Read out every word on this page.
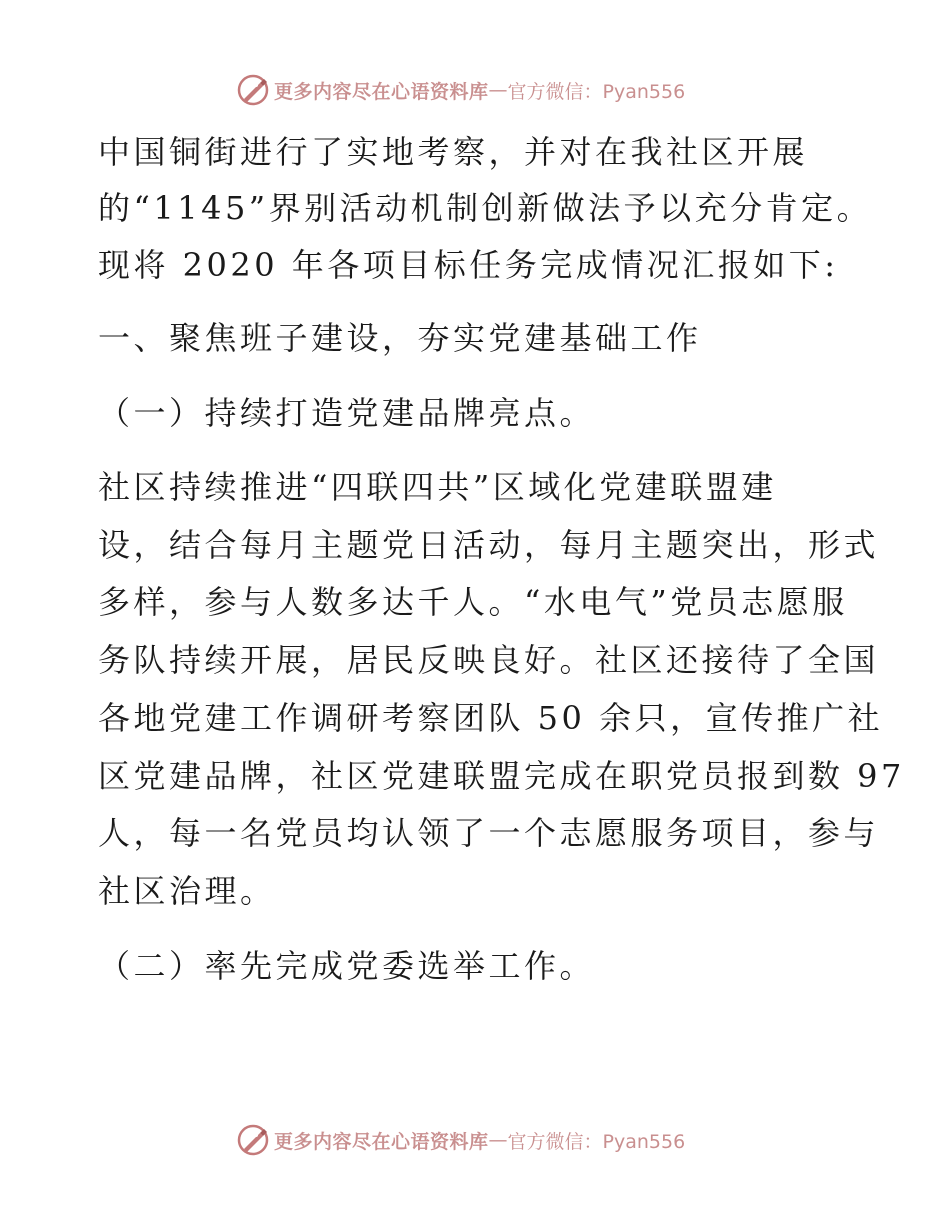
更多内容尽在心语资料库 — 官方微信：Pyan556
中国铜街进行了实地考察，并对在我社区开展
的“1145”界别活动机制创新做法予以充分肯定。
现将 2020 年各项目标任务完成情况汇报如下:
一、聚焦班子建设，夯实党建基础工作
（一）持续打造党建品牌亮点。
社区持续推进“四联四共”区域化党建联盟建
设，结合每月主题党日活动，每月主题突出，形式
多样，参与人数多达千人。“水电气”党员志愿服
务队持续开展，居民反映良好。社区还接待了全国
各地党建工作调研考察团队 50 余只，宣传推广社
区党建品牌，社区党建联盟完成在职党员报到数 97
人，每一名党员均认领了一个志愿服务项目，参与
社区治理。
（二）率先完成党委选举工作。
更多内容尽在心语资料库 — 官方微信：Pyan556
